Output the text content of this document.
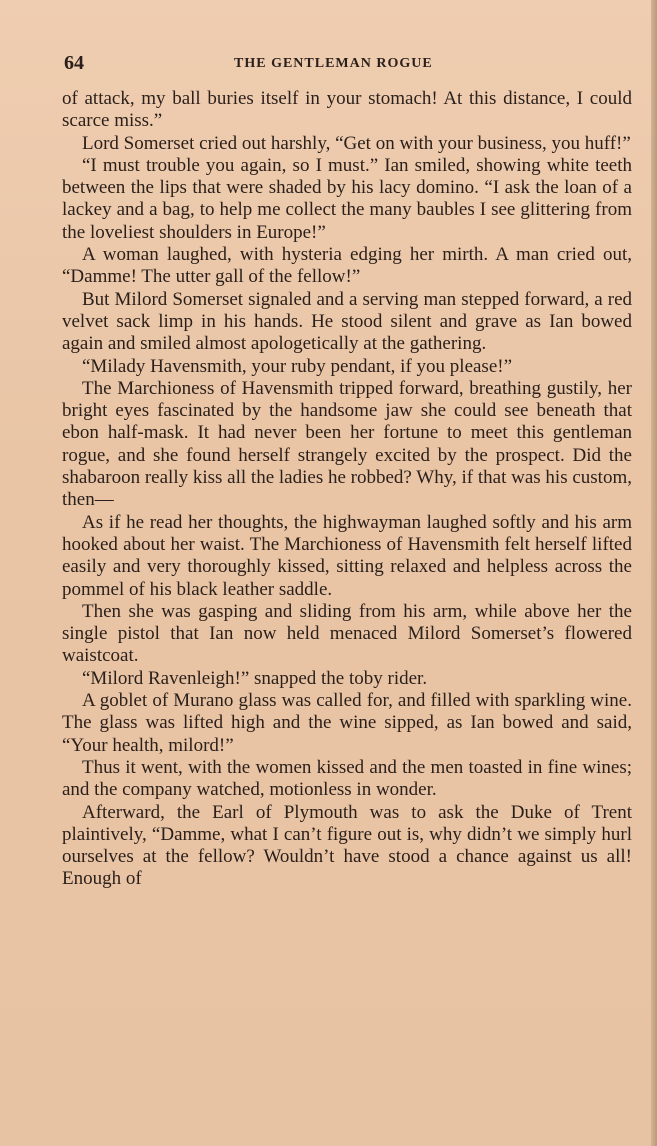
64	THE GENTLEMAN ROGUE

of attack, my ball buries itself in your stomach! At this distance, I could scarce miss.”

Lord Somerset cried out harshly, “Get on with your business, you huff!”

“I must trouble you again, so I must.” Ian smiled, showing white teeth between the lips that were shaded by his lacy domino. “I ask the loan of a lackey and a bag, to help me collect the many baubles I see glittering from the loveliest shoulders in Europe!”

A woman laughed, with hysteria edging her mirth. A man cried out, “Damme! The utter gall of the fellow!”

But Milord Somerset signaled and a serving man stepped forward, a red velvet sack limp in his hands. He stood silent and grave as Ian bowed again and smiled almost apologetically at the gathering.

“Milady Havensmith, your ruby pendant, if you please!”

The Marchioness of Havensmith tripped forward, breathing gustily, her bright eyes fascinated by the handsome jaw she could see beneath that ebon half-mask. It had never been her fortune to meet this gentleman rogue, and she found herself strangely excited by the prospect. Did the shabaroon really kiss all the ladies he robbed? Why, if that was his custom, then—

As if he read her thoughts, the highwayman laughed softly and his arm hooked about her waist. The Marchioness of Havensmith felt herself lifted easily and very thoroughly kissed, sitting relaxed and helpless across the pommel of his black leather saddle.

Then she was gasping and sliding from his arm, while above her the single pistol that Ian now held menaced Milord Somerset’s flowered waistcoat.

“Milord Ravenleigh!” snapped the toby rider.

A goblet of Murano glass was called for, and filled with sparkling wine. The glass was lifted high and the wine sipped, as Ian bowed and said, “Your health, milord!”

Thus it went, with the women kissed and the men toasted in fine wines; and the company watched, motionless in wonder.

Afterward, the Earl of Plymouth was to ask the Duke of Trent plaintively, “Damme, what I can’t figure out is, why didn’t we simply hurl ourselves at the fellow? Wouldn’t have stood a chance against us all! Enough of
